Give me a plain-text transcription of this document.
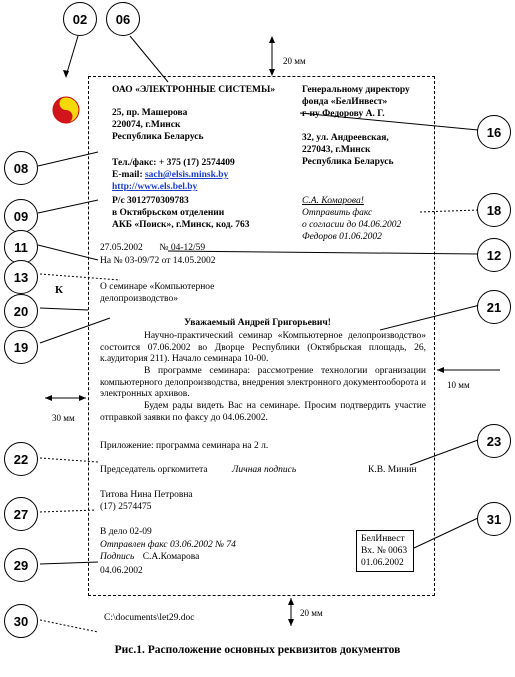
20 мм
10 мм
30 мм
20 мм
К
ОАО «ЭЛЕКТРОННЫЕ СИСТЕМЫ»
25, пр. Машерова
220074, г.Минск
Республика Беларусь
Тел./факс: + 375 (17) 2574409
E-mail: sach@elsis.minsk.by
http://www.els.bel.by
Р/с 3012770309783
в Октябрьском отделении
АКБ «Поиск», г.Минск, код. 763
Генеральному директору
фонда «БелИнвест»
г-ну Федорову А. Г.
32, ул. Андреевская,
227043, г.Минск
Республика Беларусь
С.А. Комарова!
Отправить факс
о согласии до 04.06.2002
Федоров 01.06.2002
27.05.2002       № 04-12/59
На № 03-09/72 от 14.05.2002
О семинаре «Компьютерное
делопроизводство»
Уважаемый Андрей Григорьевич!
Научно-практический семинар «Компьютерное делопроизводство» состоится 07.06.2002 во Дворце Республики (Октябрьская площадь, 26, к.аудитория 211). Начало семинара 10-00.
В программе семинара: рассмотрение технологии организации компьютерного делопроизводства, внедрения электронного документооборота и электронных архивов.
Будем рады видеть Вас на семинаре. Просим подтвердить участие отправкой заявки по факсу до 04.06.2002.
Приложение: программа семинара на 2 л.
Председатель оргкомитета	Личная подпись	К.В. Минин
Титова Нина Петровна
(17) 2574475
В дело 02-09
Отправлен факс 03.06.2002 № 74
Подпись С.А.Комарова
04.06.2002
БелИнвест
Вх. № 0063
01.06.2002
C:\documents\let29.doc
Рис.1. Расположение основных реквизитов документов
02	06
16
08
18
09
11
12
13
20	21
19
22
23
27	31
29
30
